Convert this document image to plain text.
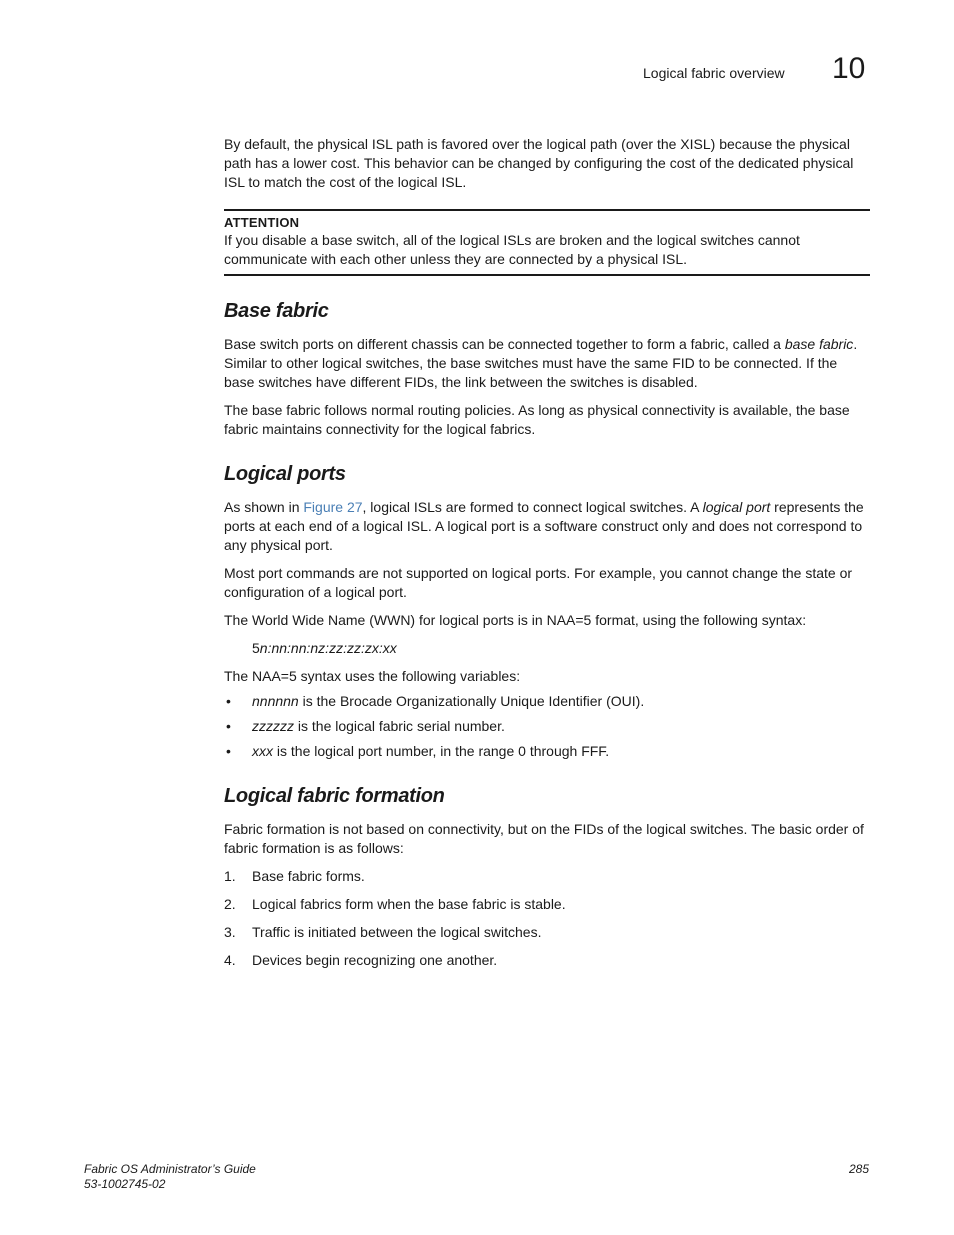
Logical fabric overview 10

By default, the physical ISL path is favored over the logical path (over the XISL) because the physical path has a lower cost. This behavior can be changed by configuring the cost of the dedicated physical ISL to match the cost of the logical ISL.

ATTENTION

If you disable a base switch, all of the logical ISLs are broken and the logical switches cannot communicate with each other unless they are connected by a physical ISL.

Base fabric

Base switch ports on different chassis can be connected together to form a fabric, called a base fabric. Similar to other logical switches, the base switches must have the same FID to be connected. If the base switches have different FIDs, the link between the switches is disabled.

The base fabric follows normal routing policies. As long as physical connectivity is available, the base fabric maintains connectivity for the logical fabrics.

Logical ports

As shown in Figure 27, logical ISLs are formed to connect logical switches. A logical port represents the ports at each end of a logical ISL. A logical port is a software construct only and does not correspond to any physical port.

Most port commands are not supported on logical ports. For example, you cannot change the state or configuration of a logical port.

The World Wide Name (WWN) for logical ports is in NAA=5 format, using the following syntax:

5n:nn:nn:nz:zz:zz:zx:xx

The NAA=5 syntax uses the following variables:

• nnnnnn is the Brocade Organizationally Unique Identifier (OUI).
• zzzzzz is the logical fabric serial number.
• xxx is the logical port number, in the range 0 through FFF.
Logical fabric formation

Fabric formation is not based on connectivity, but on the FIDs of the logical switches. The basic order of fabric formation is as follows:

1. Base fabric forms.
2. Logical fabrics form when the base fabric is stable.
3. Traffic is initiated between the logical switches.
4. Devices begin recognizing one another.
Fabric OS Administrator’s Guide
53-1002745-02
285
